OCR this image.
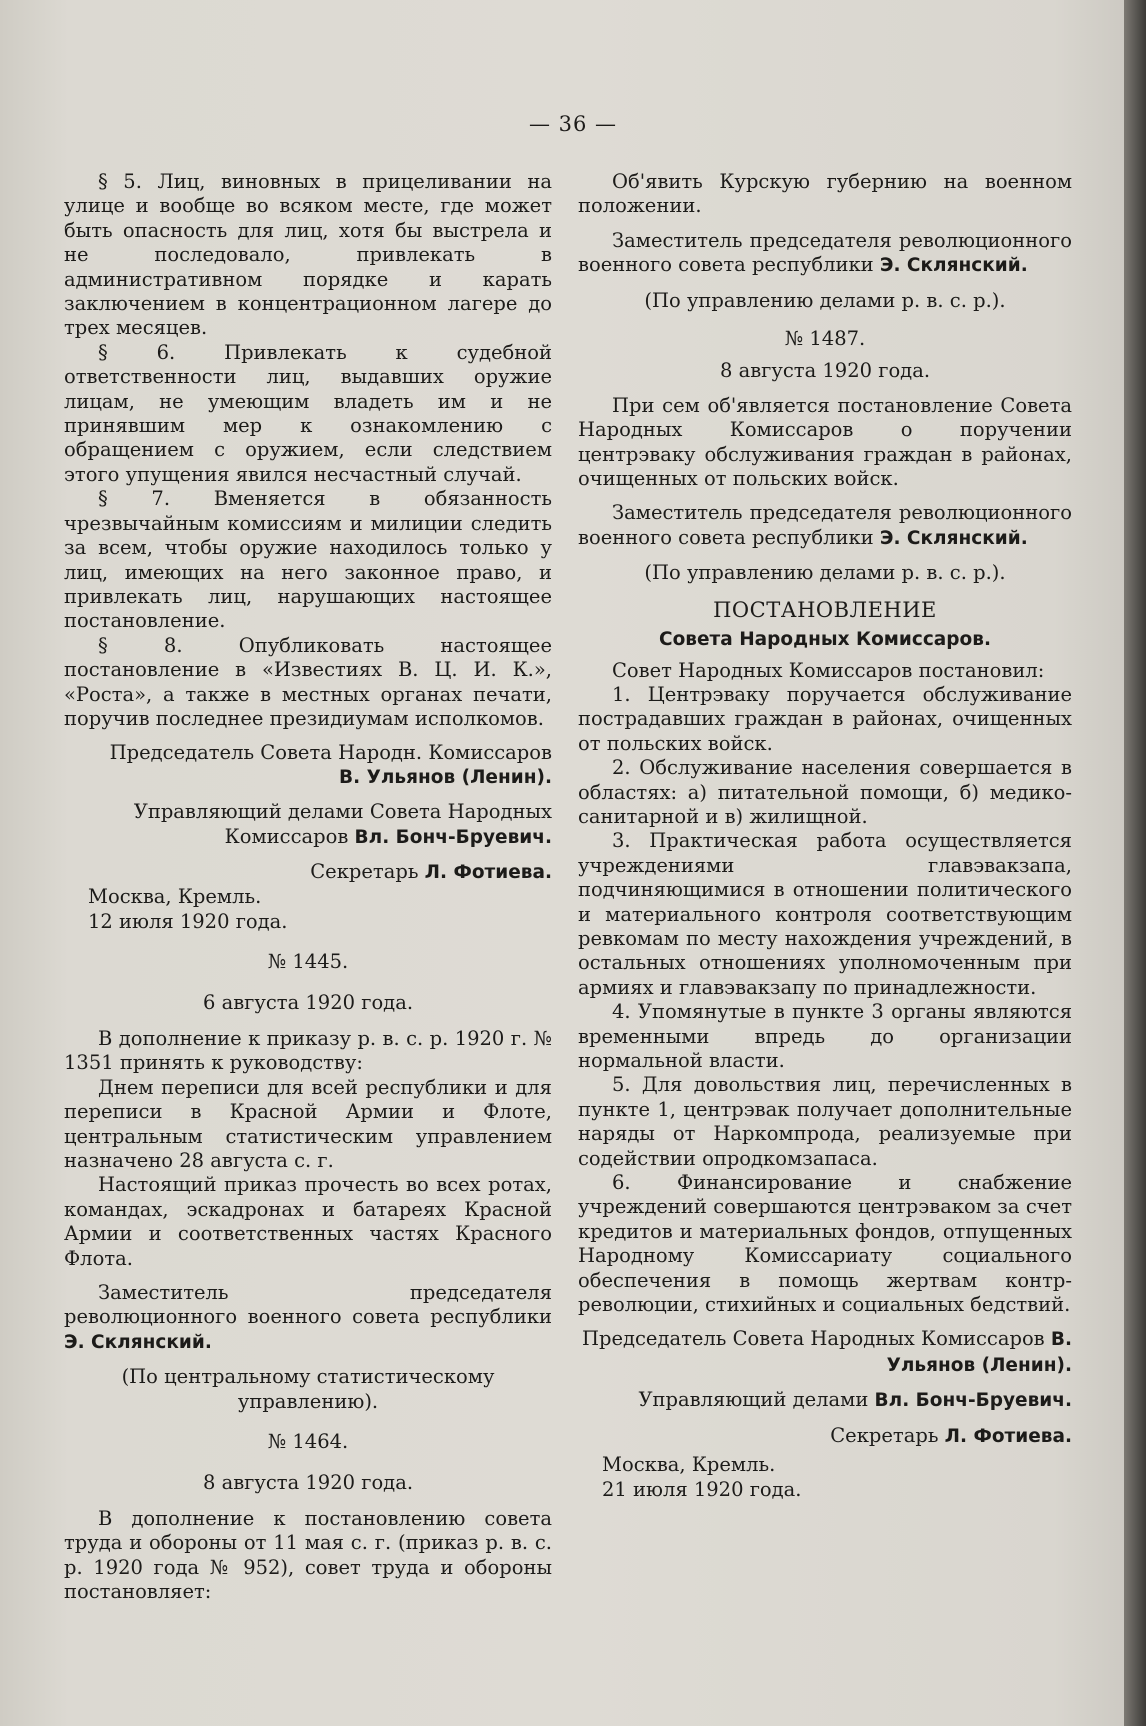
— 36 —

§ 5. Лиц, виновных в прицеливании на улице и вообще во всяком месте, где может быть опасность для лиц, хотя бы выстрела и не последовало, привлекать в административном порядке и карать заключением в концентрационном лагере до трех месяцев.

§ 6. Привлекать к судебной ответственности лиц, выдавших оружие лицам, не умеющим владеть им и не принявшим мер к ознакомлению с обращением с оружием, если следствием этого упущения явился несчастный случай.

§ 7. Вменяется в обязанность чрезвычайным комиссиям и милиции следить за всем, чтобы оружие находилось только у лиц, имеющих на него законное право, и привлекать лиц, нарушающих настоящее постановление.

§ 8. Опубликовать настоящее постановление в «Известиях В. Ц. И. К.», «Роста», а также в местных органах печати, поручив последнее президиумам исполкомов.

Председатель Совета Народн. Комиссаров
В. Ульянов (Ленин).

Управляющий делами Совета Народных
Комиссаров Вл. Бонч-Бруевич.

Секретарь Л. Фотиева.

Москва, Кремль.
12 июля 1920 года.

№ 1445.

6 августа 1920 года.

В дополнение к приказу р. в. с. р. 1920 г. № 1351 принять к руководству:

Днем переписи для всей республики и для переписи в Красной Армии и Флоте, центральным статистическим управлением назначено 28 августа с. г.

Настоящий приказ прочесть во всех ротах, командах, эскадронах и батареях Красной Армии и соответственных частях Красного Флота.

Заместитель председателя революционного военного совета республики Э. Склянский.

(По центральному статистическому управлению).

№ 1464.

8 августа 1920 года.

В дополнение к постановлению совета труда и обороны от 11 мая с. г. (приказ р. в. с. р. 1920 года № 952), совет труда и обороны постановляет:

Об'явить Курскую губернию на военном положении.

Заместитель председателя революционного военного совета республики Э. Склянский.

(По управлению делами р. в. с. р.).

№ 1487.

8 августа 1920 года.

При сем об'является постановление Совета Народных Комиссаров о поручении центрэваку обслуживания граждан в районах, очищенных от польских войск.

Заместитель председателя революционного военного совета республики Э. Склянский.

(По управлению делами р. в. с. р.).

ПОСТАНОВЛЕНИЕ

Совета Народных Комиссаров.

Совет Народных Комиссаров постановил:

1. Центрэваку поручается обслуживание пострадавших граждан в районах, очищенных от польских войск.

2. Обслуживание населения совершается в областях: а) питательной помощи, б) медико-санитарной и в) жилищной.

3. Практическая работа осуществляется учреждениями главэвакзапа, подчиняющимися в отношении политического и материального контроля соответствующим ревкомам по месту нахождения учреждений, в остальных отношениях уполномоченным при армиях и главэвакзапу по принадлежности.

4. Упомянутые в пункте 3 органы являются временными впредь до организации нормальной власти.

5. Для довольствия лиц, перечисленных в пункте 1, центрэвак получает дополнительные наряды от Наркомпрода, реализуемые при содействии опродкомзапаса.

6. Финансирование и снабжение учреждений совершаются центрэваком за счет кредитов и материальных фондов, отпущенных Народному Комиссариату социального обеспечения в помощь жертвам контр-революции, стихийных и социальных бедствий.

Председатель Совета Народных Комиссаров В. Ульянов (Ленин).

Управляющий делами Вл. Бонч-Бруевич.

Секретарь Л. Фотиева.

Москва, Кремль.
21 июля 1920 года.
